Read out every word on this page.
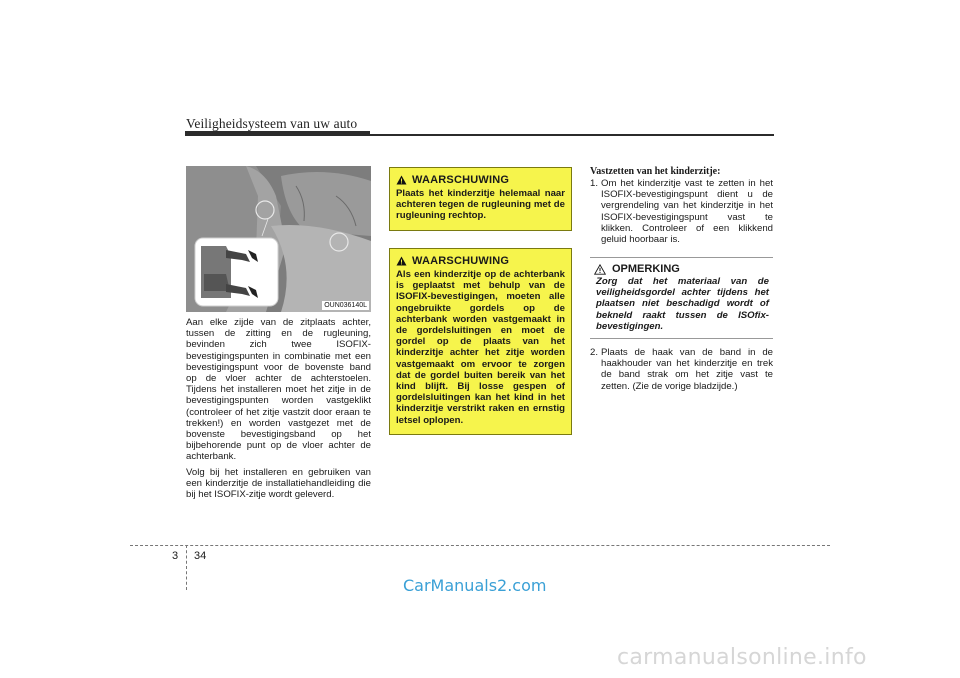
Veiligheidsysteem van uw auto
OUN036140L

Aan elke zijde van de zitplaats achter, tussen de zitting en de rugleuning, bevinden zich twee ISOFIX-bevestigingspunten in combinatie met een bevestigingspunt voor de bovenste band op de vloer achter de achterstoelen. Tijdens het installeren moet het zitje in de bevestigingspunten worden vastgeklikt (controleer of het zitje vastzit door eraan te trekken!) en worden vastgezet met de bovenste bevestigingsband op het bijbehorende punt op de vloer achter de achterbank.

Volg bij het installeren en gebruiken van een kinderzitje de installatiehandleiding die bij het ISOFIX-zitje wordt geleverd.

WAARSCHUWING
Plaats het kinderzitje helemaal naar achteren tegen de rugleuning met de rugleuning rechtop.
WAARSCHUWING
Als een kinderzitje op de achterbank is geplaatst met behulp van de ISOFIX-bevestigingen, moeten alle ongebruikte gordels op de achterbank worden vastgemaakt in de gordelsluitingen en moet de gordel op de plaats van het kinderzitje achter het zitje worden vastgemaakt om ervoor te zorgen dat de gordel buiten bereik van het kind blijft. Bij losse gespen of gordelsluitingen kan het kind in het kinderzitje verstrikt raken en ernstig letsel oplopen.
Vastzetten van het kinderzitje:
1. Om het kinderzitje vast te zetten in het ISOFIX-bevestigingspunt dient u de vergrendeling van het kinderzitje in het ISOFIX-bevestigingspunt vast te klikken. Controleer of een klikkend geluid hoorbaar is.
OPMERKING
Zorg dat het materiaal van de veiligheidsgordel achter tijdens het plaatsen niet beschadigd wordt of bekneld raakt tussen de ISOfix-bevestigingen.
2. Plaats de haak van de band in de haakhouder van het kinderzitje en trek de band strak om het zitje vast te zetten. (Zie de vorige bladzijde.)
3 34
CarManuals2.com
carmanualsonline.info
